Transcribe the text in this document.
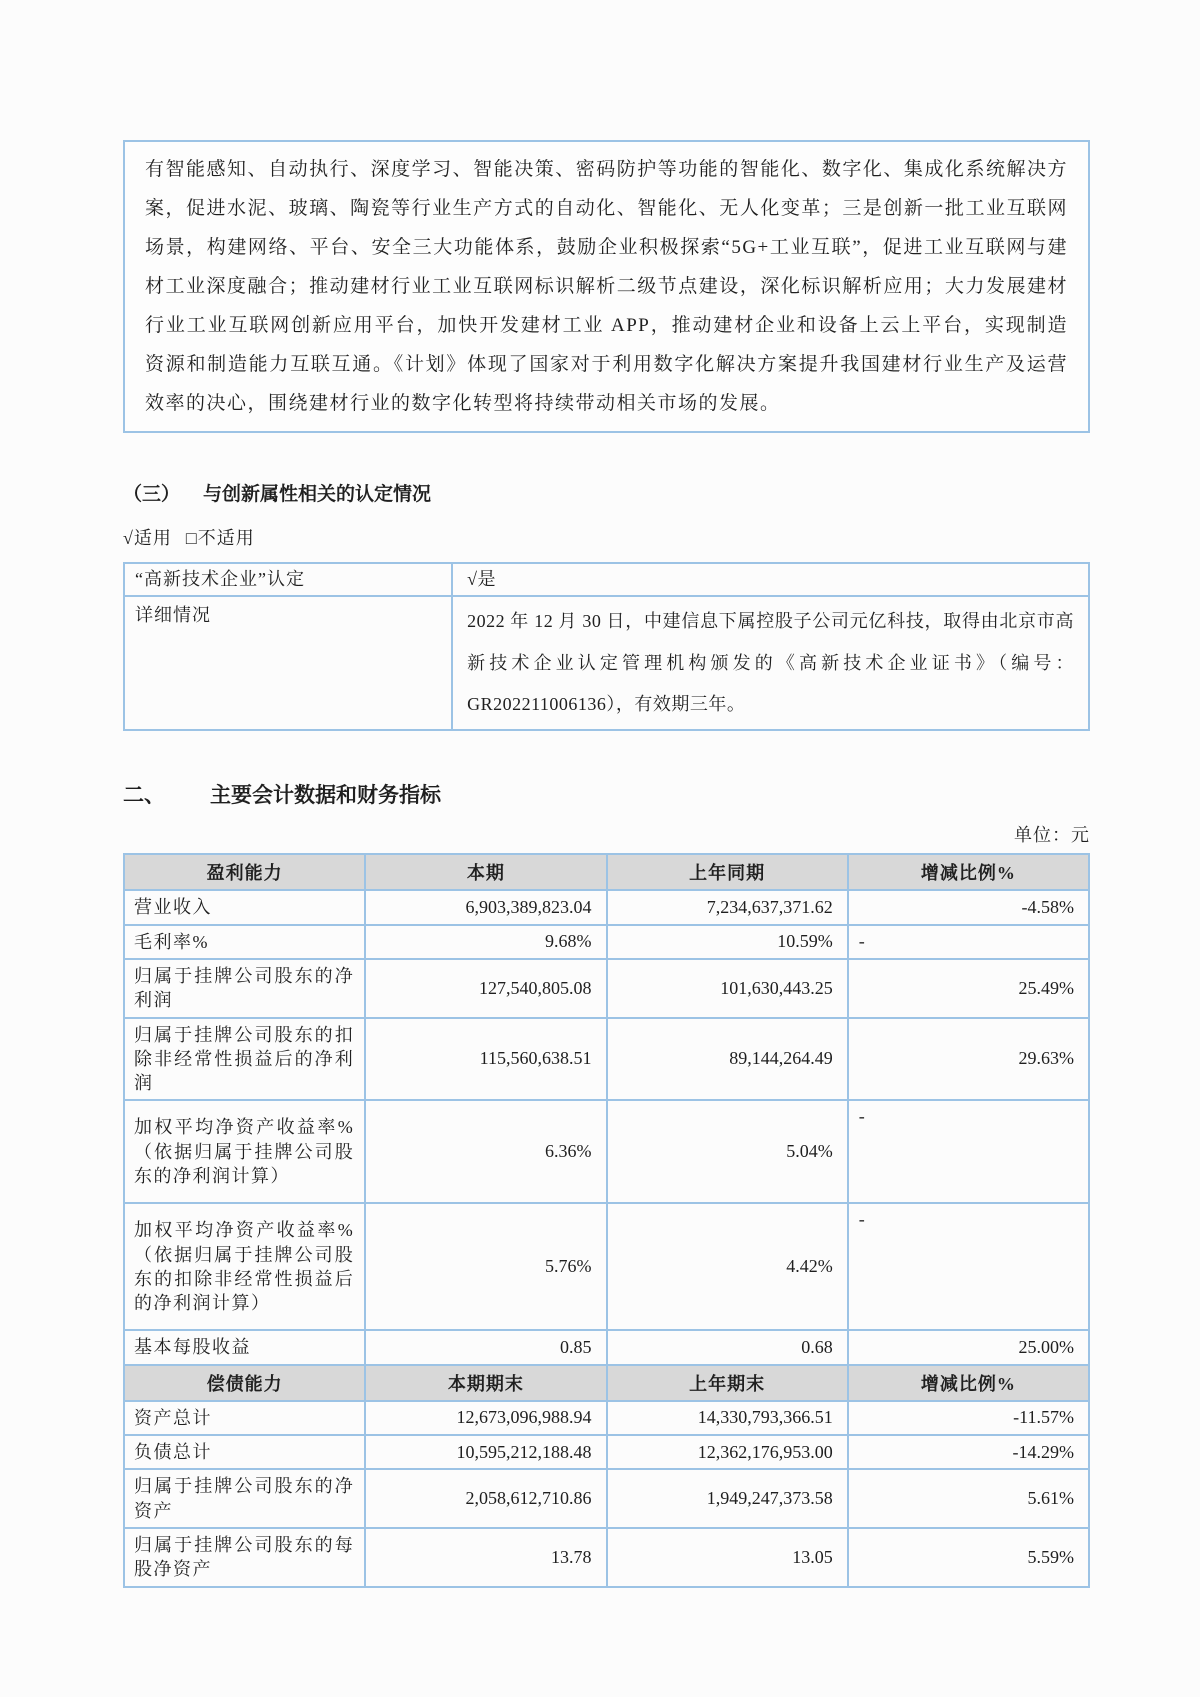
有智能感知、自动执行、深度学习、智能决策、密码防护等功能的智能化、数字化、集成化系统解决方案，促进水泥、玻璃、陶瓷等行业生产方式的自动化、智能化、无人化变革；三是创新一批工业互联网场景，构建网络、平台、安全三大功能体系，鼓励企业积极探索“5G+工业互联”，促进工业互联网与建材工业深度融合；推动建材行业工业互联网标识解析二级节点建设，深化标识解析应用；大力发展建材行业工业互联网创新应用平台，加快开发建材工业 APP，推动建材企业和设备上云上平台，实现制造资源和制造能力互联互通。《计划》体现了国家对于利用数字化解决方案提升我国建材行业生产及运营效率的决心，围绕建材行业的数字化转型将持续带动相关市场的发展。

（三） 与创新属性相关的认定情况
√适用 □不适用
“高新技术企业”认定	√是
详细情况	2022 年 12 月 30 日，中建信息下属控股子公司元亿科技，取得由北京市高新技术企业认定管理机构颁发的《高新技术企业证书》（编号：GR202211006136），有效期三年。
二、 主要会计数据和财务指标
单位：元
盈利能力	本期	上年同期	增减比例%
营业收入	6,903,389,823.04	7,234,637,371.62	-4.58%
毛利率%	9.68%	10.59%	-
归属于挂牌公司股东的净利润	127,540,805.08	101,630,443.25	25.49%
归属于挂牌公司股东的扣除非经常性损益后的净利润	115,560,638.51	89,144,264.49	29.63%
加权平均净资产收益率%（依据归属于挂牌公司股东的净利润计算）	6.36%	5.04%	-
加权平均净资产收益率%（依据归属于挂牌公司股东的扣除非经常性损益后的净利润计算）	5.76%	4.42%	-
基本每股收益	0.85	0.68	25.00%
偿债能力	本期期末	上年期末	增减比例%
资产总计	12,673,096,988.94	14,330,793,366.51	-11.57%
负债总计	10,595,212,188.48	12,362,176,953.00	-14.29%
归属于挂牌公司股东的净资产	2,058,612,710.86	1,949,247,373.58	5.61%
归属于挂牌公司股东的每股净资产	13.78	13.05	5.59%
